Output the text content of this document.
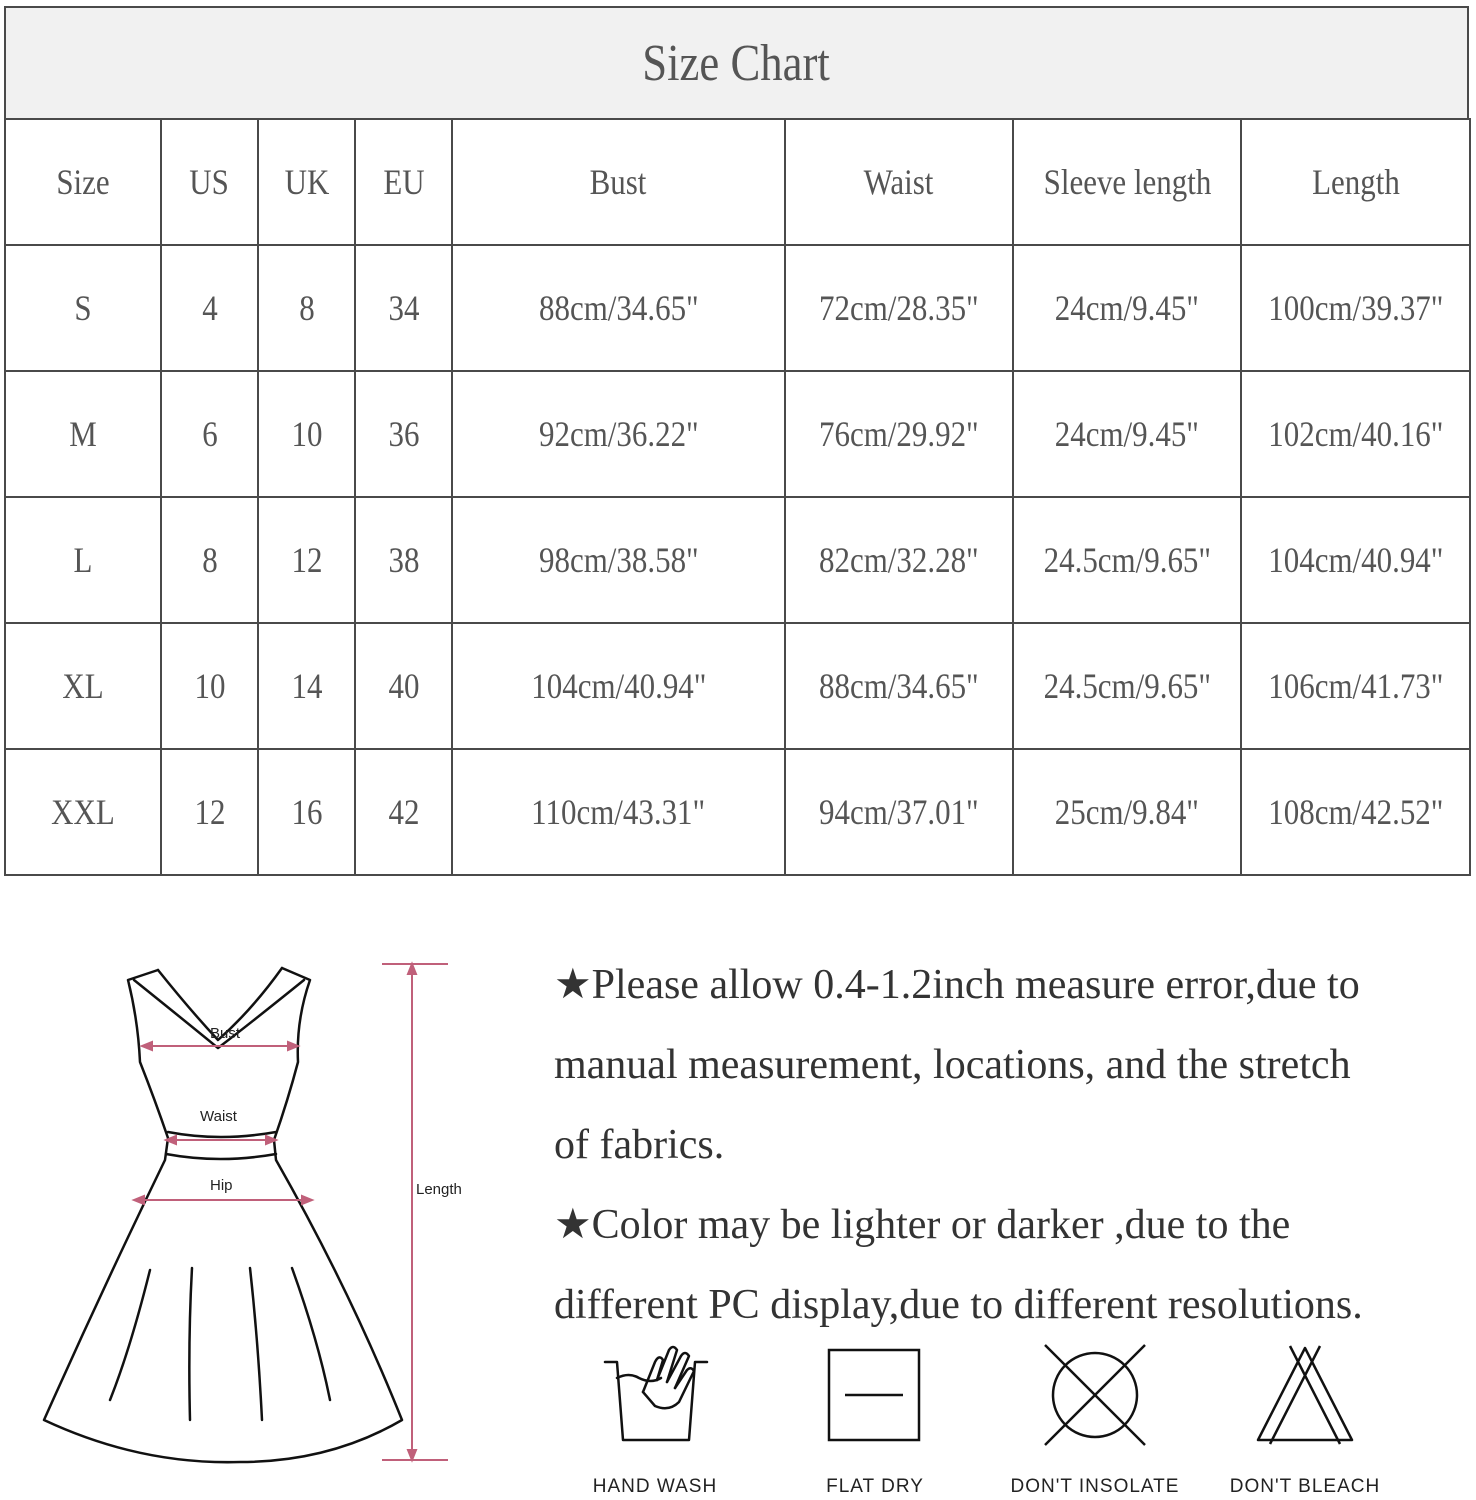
Size Chart
Size	US	UK	EU	Bust	Waist	Sleeve length	Length
S	4	8	34	88cm/34.65"	72cm/28.35"	24cm/9.45"	100cm/39.37"
M	6	10	36	92cm/36.22"	76cm/29.92"	24cm/9.45"	102cm/40.16"
L	8	12	38	98cm/38.58"	82cm/32.28"	24.5cm/9.65"	104cm/40.94"
XL	10	14	40	104cm/40.94"	88cm/34.65"	24.5cm/9.65"	106cm/41.73"
XXL	12	16	42	110cm/43.31"	94cm/37.01"	25cm/9.84"	108cm/42.52"
Bust
Waist
Hip	Length

★Please allow 0.4-1.2inch measure error,due to
manual measurement, locations, and the stretch
of fabrics.

★Color may be lighter or darker ,due to the
different PC display,due to different resolutions.

HAND WASH	FLAT DRY	DON'T INSOLATE	DON'T BLEACH
